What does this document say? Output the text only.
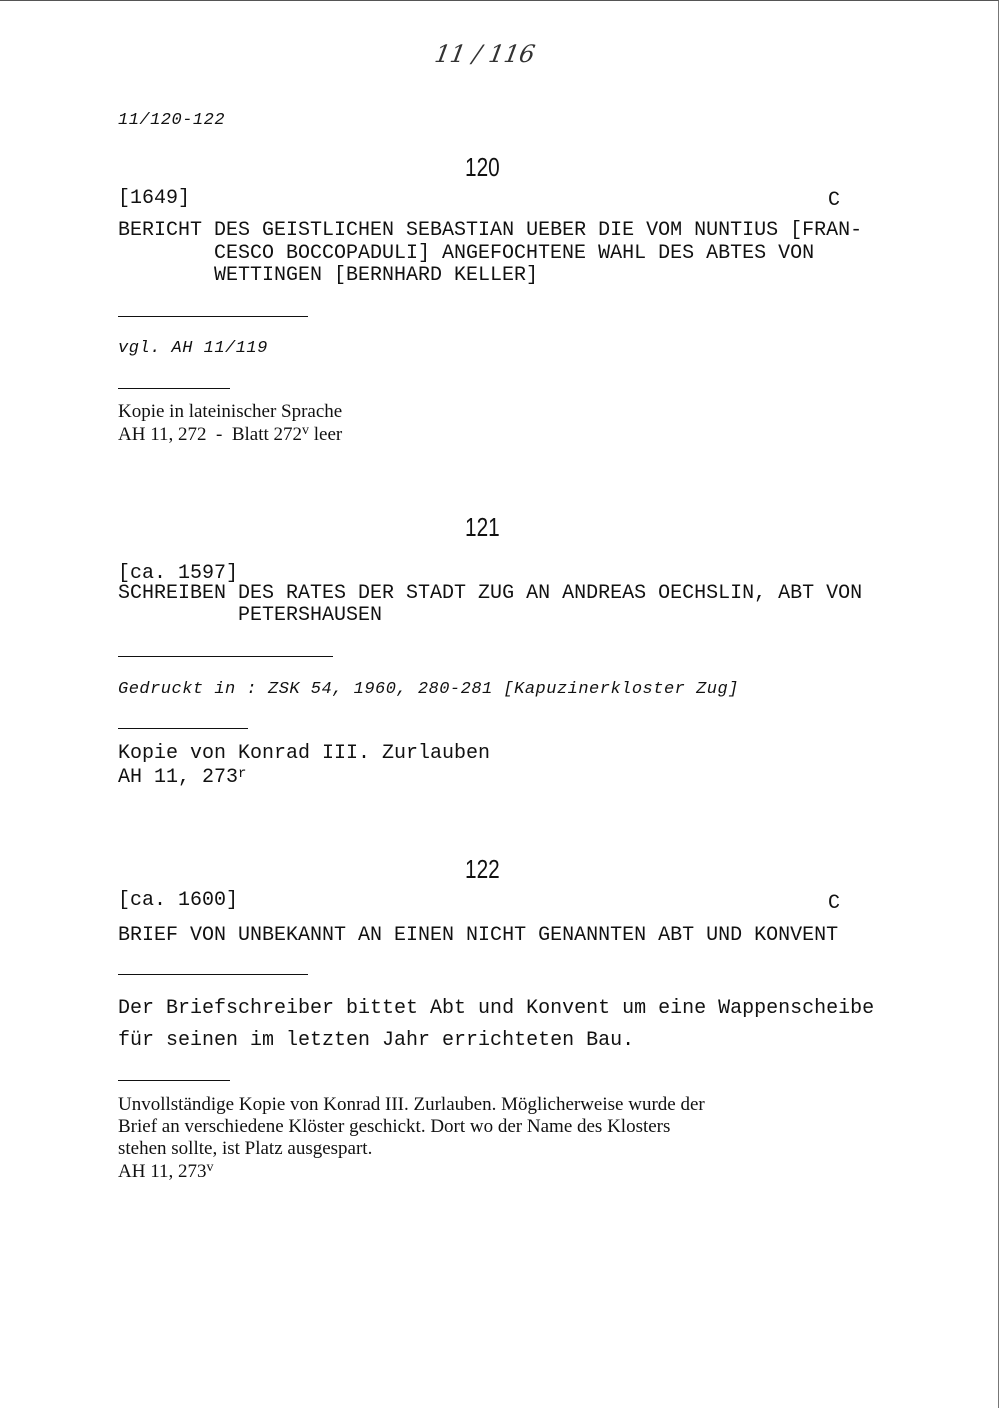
11 / 116
11/120-122
120
[1649]	C
BERICHT DES GEISTLICHEN SEBASTIAN UEBER DIE VOM NUNTIUS [FRAN-
CESCO BOCCOPADULI] ANGEFOCHTENE WAHL DES ABTES VON
WETTINGEN [BERNHARD KELLER]
vgl. AH 11/119
Kopie in lateinischer Sprache
AH 11, 272  -  Blatt 272$^v$ leer
121
[ca. 1597]
SCHREIBEN DES RATES DER STADT ZUG AN ANDREAS OECHSLIN, ABT VON
PETERSHAUSEN
Gedruckt in : ZSK 54, 1960, 280-281 [Kapuzinerkloster Zug]
Kopie von Konrad III. Zurlauben
AH 11, 273$^r$
122
[ca. 1600]	C
BRIEF VON UNBEKANNT AN EINEN NICHT GENANNTEN ABT UND KONVENT
Der Briefschreiber bittet Abt und Konvent um eine Wappenscheibe
für seinen im letzten Jahr errichteten Bau.
Unvollständige Kopie von Konrad III. Zurlauben. Möglicherweise wurde der
Brief an verschiedene Klöster geschickt. Dort wo der Name des Klosters
stehen sollte, ist Platz ausgespart.
AH 11, 273$^v$
